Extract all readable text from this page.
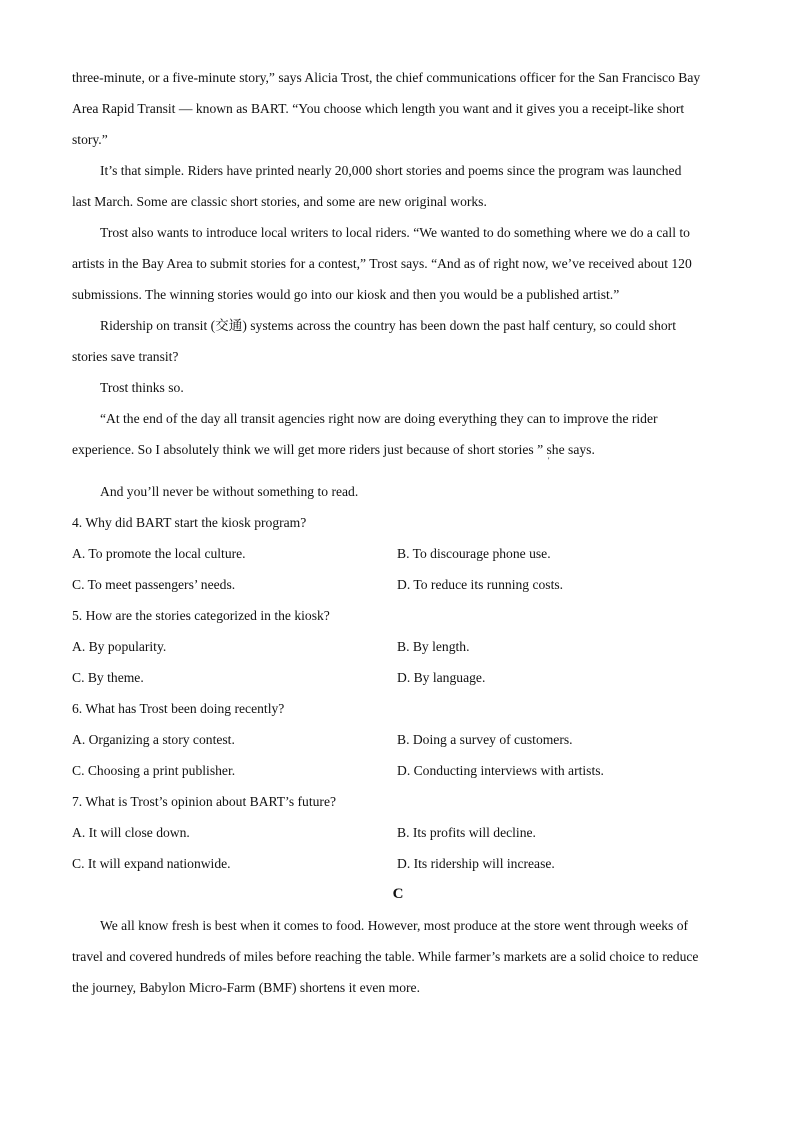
three-minute, or a five-minute story,” says Alicia Trost, the chief communications officer for the San Francisco Bay

Area Rapid Transit — known as BART. “You choose which length you want and it gives you a receipt-like short

story.”

It’s that simple. Riders have printed nearly 20,000 short stories and poems since the program was launched

last March. Some are classic short stories, and some are new original works.

Trost also wants to introduce local writers to local riders. “We wanted to do something where we do a call to

artists in the Bay Area to submit stories for a contest,” Trost says. “And as of right now, we’ve received about 120

submissions. The winning stories would go into our kiosk and then you would be a published artist.”

Ridership on transit (交通) systems across the country has been down the past half century, so could short

stories save transit?

Trost thinks so.

“At the end of the day all transit agencies right now are doing everything they can to improve the rider

experience. So I absolutely think we will get more riders just because of short stories ” she says.

And you’ll never be without something to read.

4. Why did BART start the kiosk program?

A. To promote the local culture.	B. To discourage phone use.
C. To meet passengers’ needs.	D. To reduce its running costs.

5. How are the stories categorized in the kiosk?

A. By popularity.	B. By length.
C. By theme.	D. By language.

6. What has Trost been doing recently?

A. Organizing a story contest.	B. Doing a survey of customers.
C. Choosing a print publisher.	D. Conducting interviews with artists.

7. What is Trost’s opinion about BART’s future?

A. It will close down.	B. Its profits will decline.
C. It will expand nationwide.	D. Its ridership will increase.

C

We all know fresh is best when it comes to food. However, most produce at the store went through weeks of

travel and covered hundreds of miles before reaching the table. While farmer’s markets are a solid choice to reduce

the journey, Babylon Micro-Farm (BMF) shortens it even more.

'
